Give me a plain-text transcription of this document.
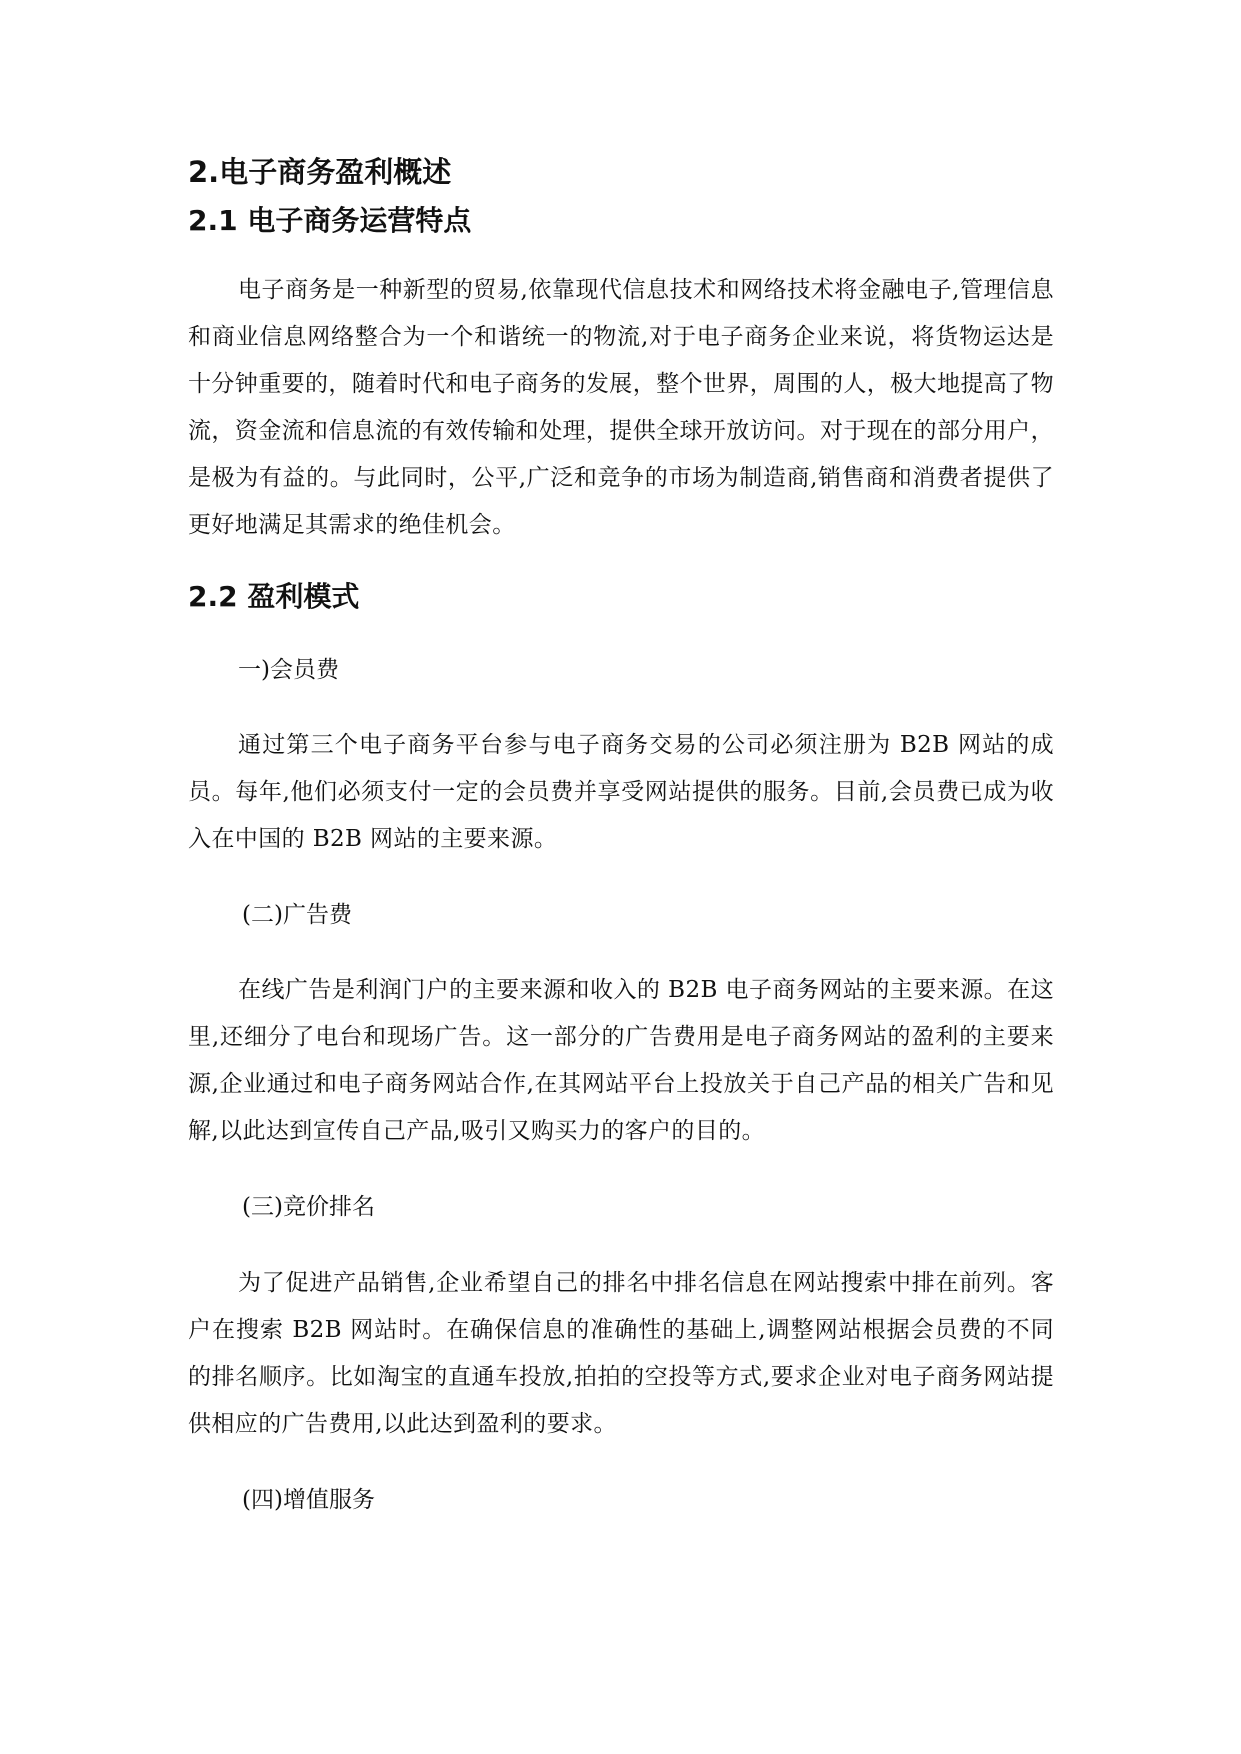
2.电子商务盈利概述
2.1 电子商务运营特点

电子商务是一种新型的贸易,依靠现代信息技术和网络技术将金融电子,管理信息和商业信息网络整合为一个和谐统一的物流,对于电子商务企业来说，将货物运达是十分钟重要的，随着时代和电子商务的发展，整个世界，周围的人，极大地提高了物流，资金流和信息流的有效传输和处理，提供全球开放访问。对于现在的部分用户，是极为有益的。与此同时，公平,广泛和竞争的市场为制造商,销售商和消费者提供了更好地满足其需求的绝佳机会。

2.2 盈利模式

一)会员费

通过第三个电子商务平台参与电子商务交易的公司必须注册为 B2B 网站的成员。每年,他们必须支付一定的会员费并享受网站提供的服务。目前,会员费已成为收入在中国的 B2B 网站的主要来源。

(二)广告费

在线广告是利润门户的主要来源和收入的 B2B 电子商务网站的主要来源。在这里,还细分了电台和现场广告。这一部分的广告费用是电子商务网站的盈利的主要来源,企业通过和电子商务网站合作,在其网站平台上投放关于自己产品的相关广告和见解,以此达到宣传自己产品,吸引又购买力的客户的目的。

(三)竞价排名

为了促进产品销售,企业希望自己的排名中排名信息在网站搜索中排在前列。客户在搜索 B2B 网站时。在确保信息的准确性的基础上,调整网站根据会员费的不同的排名顺序。比如淘宝的直通车投放,拍拍的空投等方式,要求企业对电子商务网站提供相应的广告费用,以此达到盈利的要求。

(四)增值服务
